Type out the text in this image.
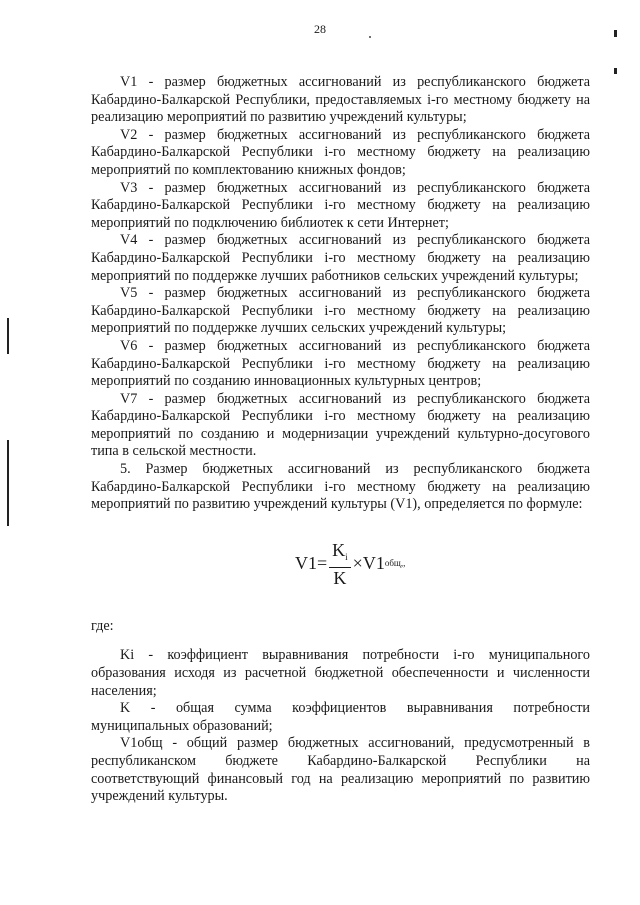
28

V1 - размер бюджетных ассигнований из республиканского бюджета Кабардино-Балкарской Республики, предоставляемых i-го местному бюджету на реализацию мероприятий по развитию учреждений культуры;

V2 - размер бюджетных ассигнований из республиканского бюджета Кабардино-Балкарской Республики i-го местному бюджету на реализацию мероприятий по комплектованию книжных фондов;

V3 - размер бюджетных ассигнований из республиканского бюджета Кабардино-Балкарской Республики i-го местному бюджету на реализацию мероприятий по подключению библиотек к сети Интернет;

V4 - размер бюджетных ассигнований из республиканского бюджета Кабардино-Балкарской Республики i-го местному бюджету на реализацию мероприятий по поддержке лучших работников сельских учреждений культуры;

V5 - размер бюджетных ассигнований из республиканского бюджета Кабардино-Балкарской Республики i-го местному бюджету на реализацию мероприятий по поддержке лучших сельских учреждений культуры;

V6 - размер бюджетных ассигнований из республиканского бюджета Кабардино-Балкарской Республики i-го местному бюджету на реализацию мероприятий по созданию инновационных культурных центров;

V7 - размер бюджетных ассигнований из республиканского бюджета Кабардино-Балкарской Республики i-го местному бюджету на реализацию мероприятий по созданию и модернизации учреждений культурно-досугового типа в сельской местности.

5. Размер бюджетных ассигнований из республиканского бюджета Кабардино-Балкарской Республики i-го местному бюджету на реализацию мероприятий по развитию учреждений культуры (V1), определяется по формуле:

$V1 = \frac{K_i}{K} \times V1$ общ ,,

где:

Ki - коэффициент выравнивания потребности i-го муниципального образования исходя из расчетной бюджетной обеспеченности и численности населения;

K - общая сумма коэффициентов выравнивания потребности муниципальных образований;

V1общ - общий размер бюджетных ассигнований, предусмотренный в республиканском бюджете Кабардино-Балкарской Республики на соответствующий финансовый год на реализацию мероприятий по развитию учреждений культуры.
